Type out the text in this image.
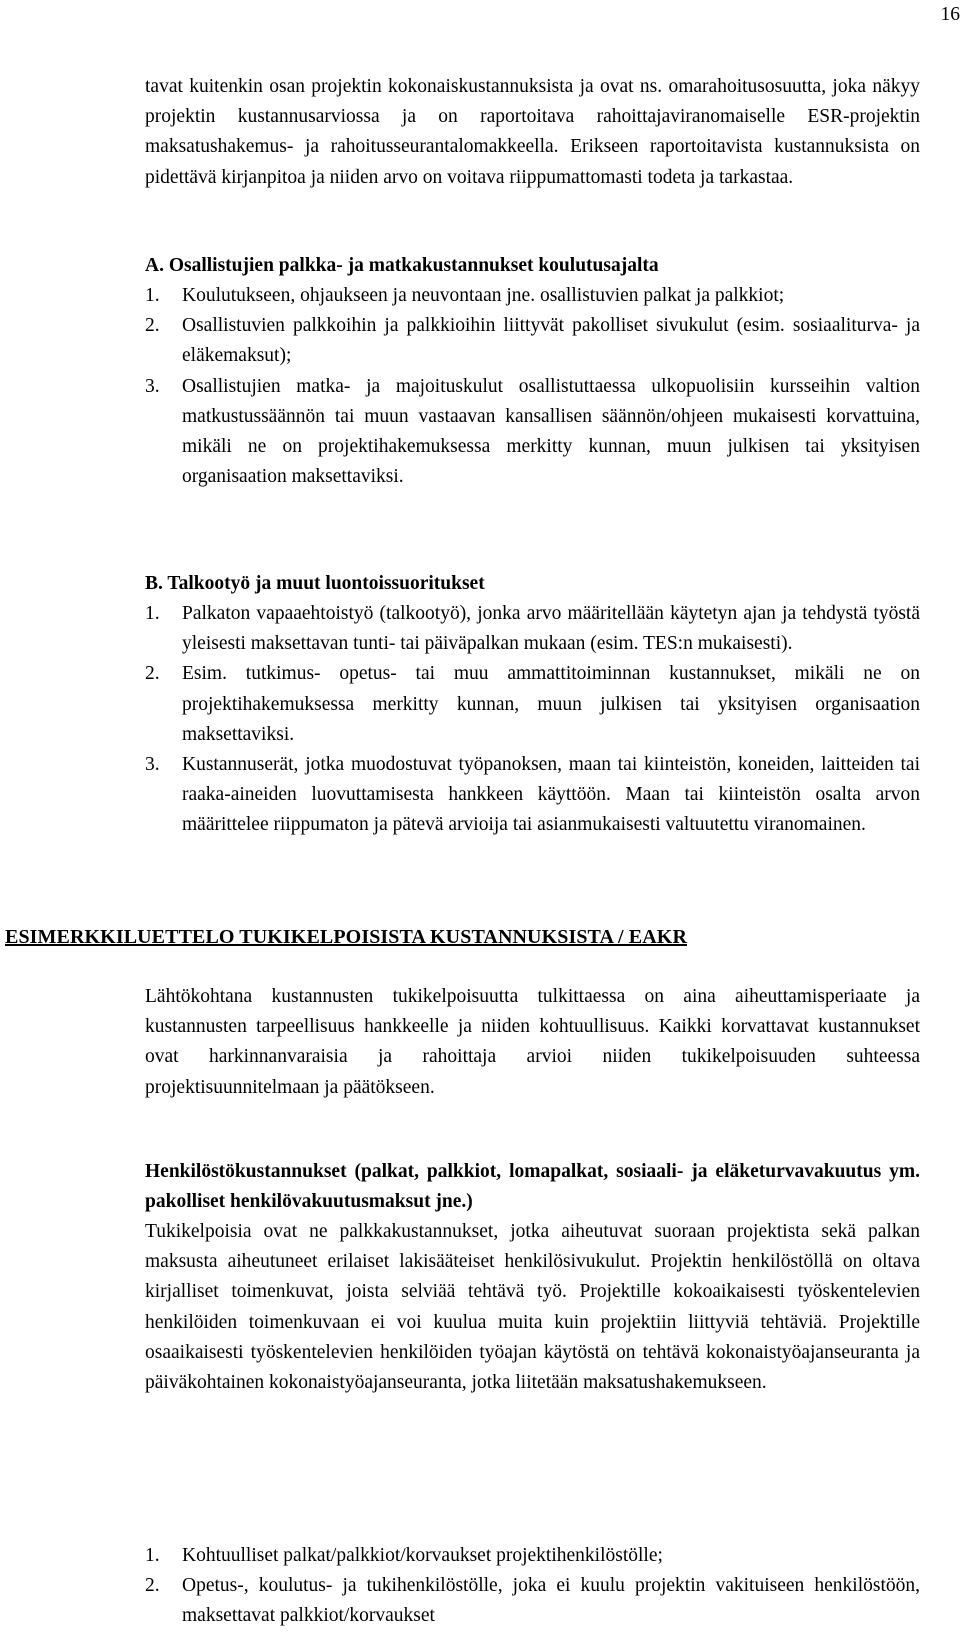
16
tavat kuitenkin osan projektin kokonaiskustannuksista ja ovat ns. omarahoitusosuutta, joka näkyy projektin kustannusarviossa ja on raportoitava rahoittajaviranomaiselle ESR-projektin maksatushakemus- ja rahoitusseurantalomakkeella. Erikseen raportoitavista kustannuksista on pidettävä kirjanpitoa ja niiden arvo on voitava riippumattomasti todeta ja tarkastaa.
A. Osallistujien palkka- ja matkakustannukset koulutusajalta
1.	Koulutukseen, ohjaukseen ja neuvontaan jne. osallistuvien palkat ja palkkiot;
2.	Osallistuvien palkkoihin ja palkkioihin liittyvät pakolliset sivukulut (esim. sosiaaliturva- ja eläkemaksut);
3.	Osallistujien matka- ja majoituskulut osallistuttaessa ulkopuolisiin kursseihin valtion matkustussäännön tai muun vastaavan kansallisen säännön/ohjeen mukaisesti korvattuina, mikäli ne on projektihakemuksessa merkitty kunnan, muun julkisen tai yksityisen organisaation maksettaviksi.
B. Talkootyö ja muut luontoissuoritukset
1.	Palkaton vapaaehtoistyö (talkootyö), jonka arvo määritellään käytetyn ajan ja tehdystä työstä yleisesti maksettavan tunti- tai päiväpalkan mukaan (esim. TES:n mukaisesti).
2.	Esim. tutkimus- opetus- tai muu ammattitoiminnan kustannukset, mikäli ne on projektihakemuksessa merkitty kunnan, muun julkisen tai yksityisen organisaation maksettaviksi.
3.	Kustannuserät, jotka muodostuvat työpanoksen, maan tai kiinteistön, koneiden, laitteiden tai raaka-aineiden luovuttamisesta hankkeen käyttöön. Maan tai kiinteistön osalta arvon määrittelee riippumaton ja pätevä arvioija tai asianmukaisesti valtuutettu viranomainen.
ESIMERKKILUETTELO TUKIKELPOISISTA KUSTANNUKSISTA / EAKR
Lähtökohtana kustannusten tukikelpoisuutta tulkittaessa on aina aiheuttamisperiaate ja kustannusten tarpeellisuus hankkeelle ja niiden kohtuullisuus. Kaikki korvattavat kustannukset ovat harkinnanvaraisia ja rahoittaja arvioi niiden tukikelpoisuuden suhteessa projektisuunnitelmaan ja päätökseen.
Henkilöstökustannukset (palkat, palkkiot, lomapalkat, sosiaali- ja eläketurvavakuutus ym. pakolliset henkilövakuutusmaksut jne.)
Tukikelpoisia ovat ne palkkakustannukset, jotka aiheutuvat suoraan projektista sekä palkan maksusta aiheutuneet erilaiset lakisääteiset henkilösivukulut. Projektin henkilöstöllä on oltava kirjalliset toimenkuvat, joista selviää tehtävä työ. Projektille kokoaikaisesti työskentelevien henkilöiden toimenkuvaan ei voi kuulua muita kuin projektiin liittyviä tehtäviä. Projektille osaaikaisesti työskentelevien henkilöiden työajan käytöstä on tehtävä kokonaistyöajanseuranta ja päiväkohtainen kokonaistyöajanseuranta, jotka liitetään maksatushakemukseen.
1.	Kohtuulliset palkat/palkkiot/korvaukset projektihenkilöstölle;
2.	Opetus-, koulutus- ja tukihenkilöstölle, joka ei kuulu projektin vakituiseen henkilöstöön, maksettavat palkkiot/korvaukset
